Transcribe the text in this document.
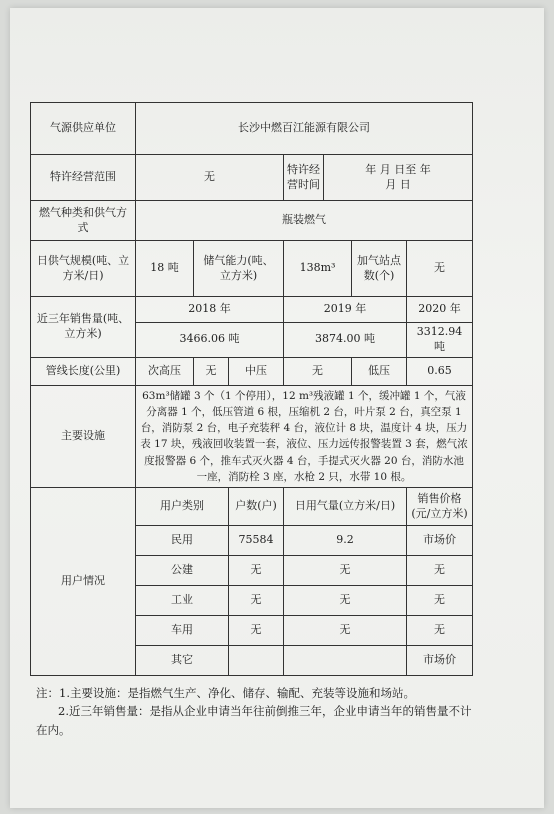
气源供应单位	长沙中燃百江能源有限公司						
特许经营范围	无			特许经营时间	年 月 日至 年
月 日		
燃气种类和供气方式	瓶装燃气						
日供气规模(吨、立方米/日)	18 吨	储气能力(吨、立方米)		138m³		加气站点数(个)	无
近三年销售量(吨、立方米)	2018 年			2019 年			2020 年
	3466.06 吨			3874.00 吨			3312.94 吨
管线长度(公里)	次高压	无	中压	无		低压	0.65
主要设施	63m³储罐 3 个（1 个停用），12 m³残液罐 1 个，缓冲罐 1 个，气液分离器 1 个，低压管道 6 根，压缩机 2 台，叶片泵 2 台，真空泵 1 台，消防泵 2 台，电子充装秤 4 台，液位计 8 块，温度计 4 块，压力表 17 块，残液回收装置一套，液位、压力远传报警装置 3 套，燃气浓度报警器 6 个，推车式灭火器 4 台，手提式灭火器 20 台，消防水池一座，消防栓 3 座，水枪 2 只，水带 10 根。						
用户情况	用户类别		户数(户)	日用气量(立方米/日)			销售价格(元/立方米)
	民用		75584	9.2			市场价
	公建		无	无			无
	工业		无	无			无
	车用		无	无			无
	其它						市场价

注：1.主要设施：是指燃气生产、净化、储存、输配、充装等设施和场站。

2.近三年销售量：是指从企业申请当年往前倒推三年，企业申请当年的销售量不计在内。
